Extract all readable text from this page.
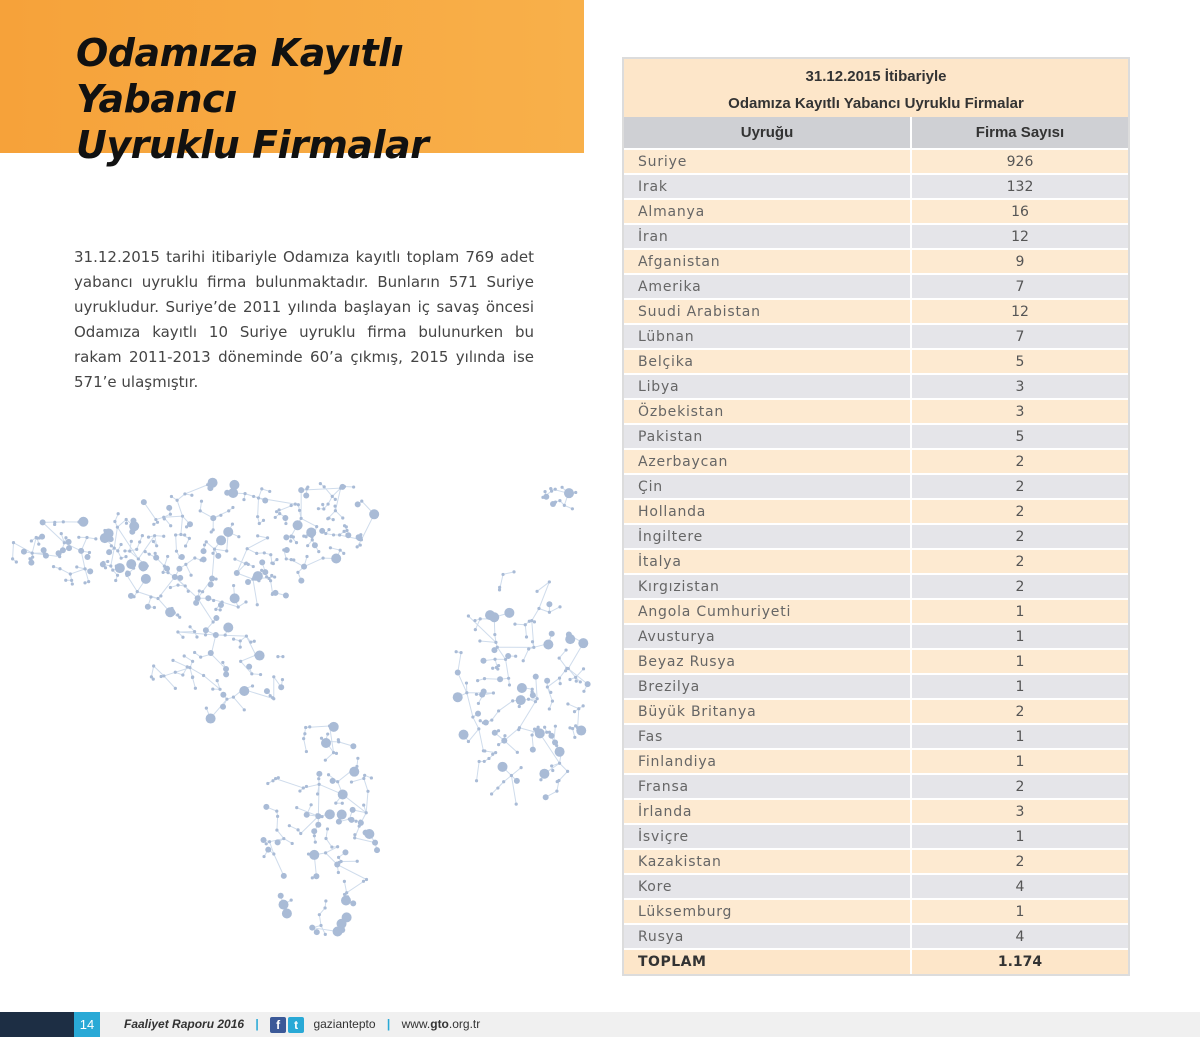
Odamıza Kayıtlı Yabancı
Uyruklu Firmalar
31.12.2015 tarihi itibariyle Odamıza kayıtlı toplam 769 adet yabancı uyruklu firma bulunmaktadır. Bunların 571 Suriye uyrukludur. Suriye’de 2011 yılında başlayan iç savaş öncesi Odamıza kayıtlı 10 Suriye uyruklu firma bulunurken bu rakam 2011-2013 döneminde 60’a çıkmış, 2015 yılında ise 571’e ulaşmıştır.
31.12.2015 İtibariyle	
Odamıza Kayıtlı Yabancı Uyruklu Firmalar	
Uyruğu	Firma Sayısı
Suriye	926
Irak	132
Almanya	16
İran	12
Afganistan	9
Amerika	7
Suudi Arabistan	12
Lübnan	7
Belçika	5
Libya	3
Özbekistan	3
Pakistan	5
Azerbaycan	2
Çin	2
Hollanda	2
İngiltere	2
İtalya	2
Kırgızistan	2
Angola Cumhuriyeti	1
Avusturya	1
Beyaz Rusya	1
Brezilya	1
Büyük Britanya	2
Fas	1
Finlandiya	1
Fransa	2
İrlanda	3
İsviçre	1
Kazakistan	2
Kore	4
Lüksemburg	1
Rusya	4
TOPLAM	1.174
14	Faaliyet Raporu 2016 | f t gaziantepto | www.gto.org.tr
